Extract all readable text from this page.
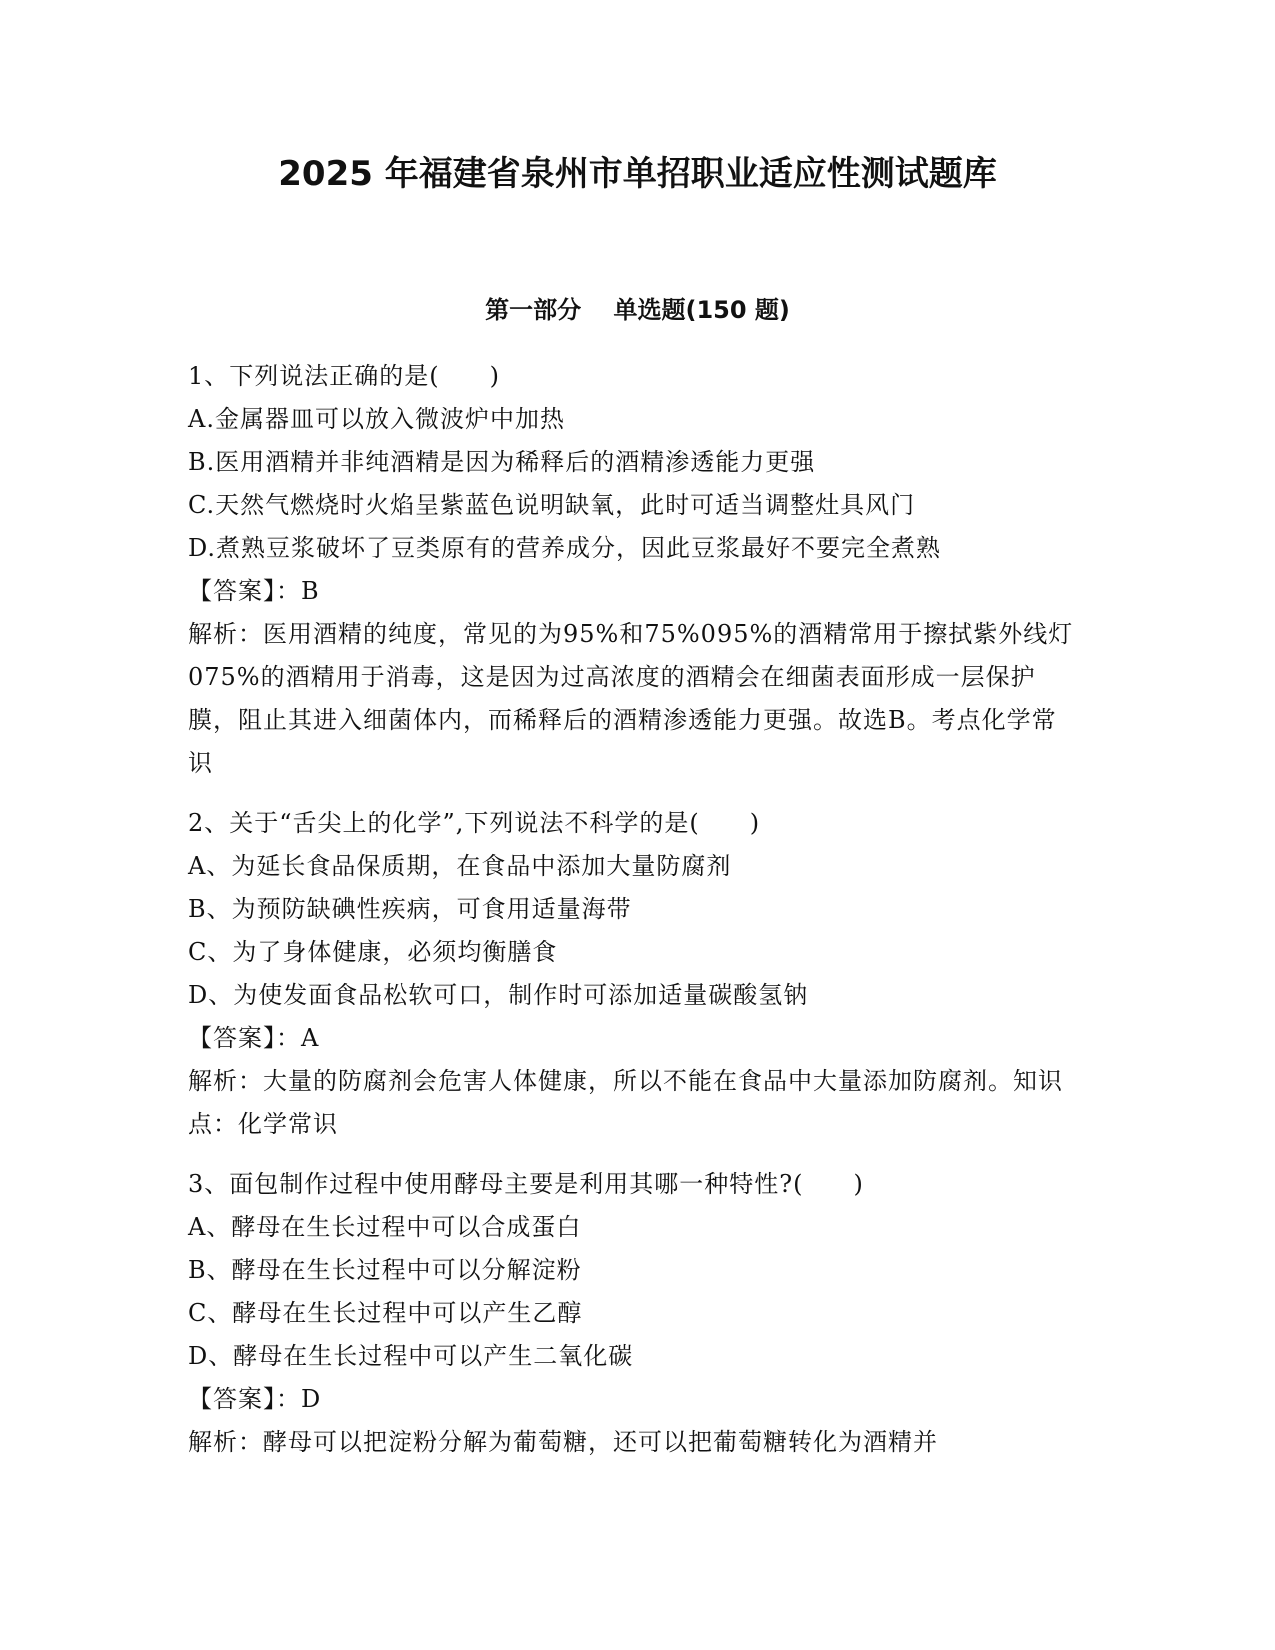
2025 年福建省泉州市单招职业适应性测试题库
第一部分　 单选题(150 题)

1、下列说法正确的是(　　)

A.金属器皿可以放入微波炉中加热

B.医用酒精并非纯酒精是因为稀释后的酒精渗透能力更强

C.天然气燃烧时火焰呈紫蓝色说明缺氧，此时可适当调整灶具风门

D.煮熟豆浆破坏了豆类原有的营养成分，因此豆浆最好不要完全煮熟

【答案】：B

解析：医用酒精的纯度，常见的为95%和75%095%的酒精常用于擦拭紫外线灯075%的酒精用于消毒，这是因为过高浓度的酒精会在细菌表面形成一层保护膜，阻止其进入细菌体内，而稀释后的酒精渗透能力更强。故选B。考点化学常识

2、关于“舌尖上的化学”,下列说法不科学的是(　　)

A、为延长食品保质期，在食品中添加大量防腐剂

B、为预防缺碘性疾病，可食用适量海带

C、为了身体健康，必须均衡膳食

D、为使发面食品松软可口，制作时可添加适量碳酸氢钠

【答案】：A

解析：大量的防腐剂会危害人体健康，所以不能在食品中大量添加防腐剂。知识点：化学常识

3、面包制作过程中使用酵母主要是利用其哪一种特性?(　　)

A、酵母在生长过程中可以合成蛋白

B、酵母在生长过程中可以分解淀粉

C、酵母在生长过程中可以产生乙醇

D、酵母在生长过程中可以产生二氧化碳

【答案】：D

解析：酵母可以把淀粉分解为葡萄糖，还可以把葡萄糖转化为酒精并
